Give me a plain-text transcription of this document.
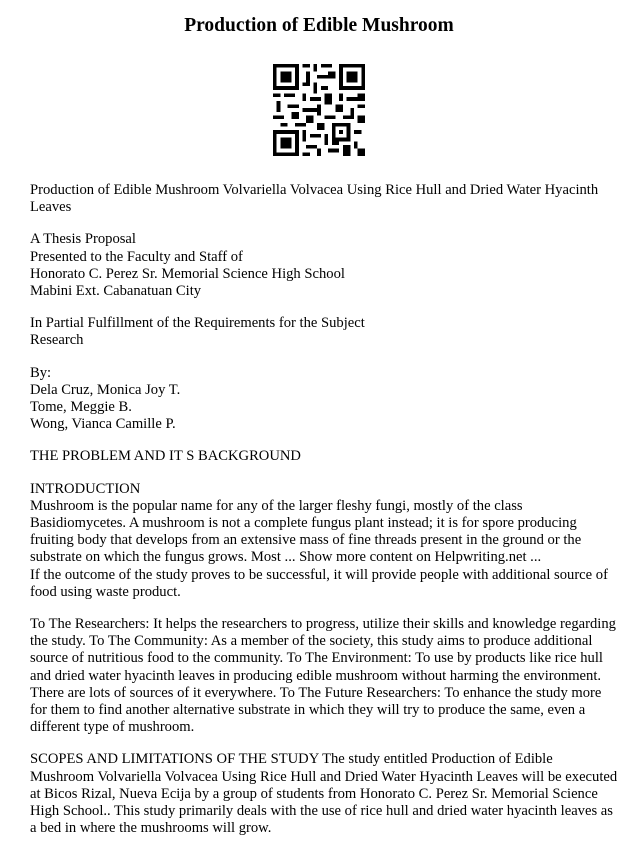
Production of Edible Mushroom

Production of Edible Mushroom Volvariella Volvacea Using Rice Hull and Dried Water Hyacinth Leaves

A Thesis Proposal
Presented to the Faculty and Staff of
Honorato C. Perez Sr. Memorial Science High School
Mabini Ext. Cabanatuan City

In Partial Fulfillment of the Requirements for the Subject
Research

By:
Dela Cruz, Monica Joy T.
Tome, Meggie B.
Wong, Vianca Camille P.

THE PROBLEM AND IT S BACKGROUND

INTRODUCTION

Mushroom is the popular name for any of the larger fleshy fungi, mostly of the class Basidiomycetes. A mushroom is not a complete fungus plant instead; it is for spore producing fruiting body that develops from an extensive mass of fine threads present in the ground or the substrate on which the fungus grows. Most ... Show more content on Helpwriting.net ...

If the outcome of the study proves to be successful, it will provide people with additional source of food using waste product.

To The Researchers: It helps the researchers to progress, utilize their skills and knowledge regarding the study. To The Community: As a member of the society, this study aims to produce additional source of nutritious food to the community. To The Environment: To use by products like rice hull and dried water hyacinth leaves in producing edible mushroom without harming the environment. There are lots of sources of it everywhere. To The Future Researchers: To enhance the study more for them to find another alternative substrate in which they will try to produce the same, even a different type of mushroom.

SCOPES AND LIMITATIONS OF THE STUDY The study entitled Production of Edible Mushroom Volvariella Volvacea Using Rice Hull and Dried Water Hyacinth Leaves will be executed at Bicos Rizal, Nueva Ecija by a group of students from Honorato C. Perez Sr. Memorial Science High School.. This study primarily deals with the use of rice hull and dried water hyacinth leaves as a bed in where the mushrooms will grow.
